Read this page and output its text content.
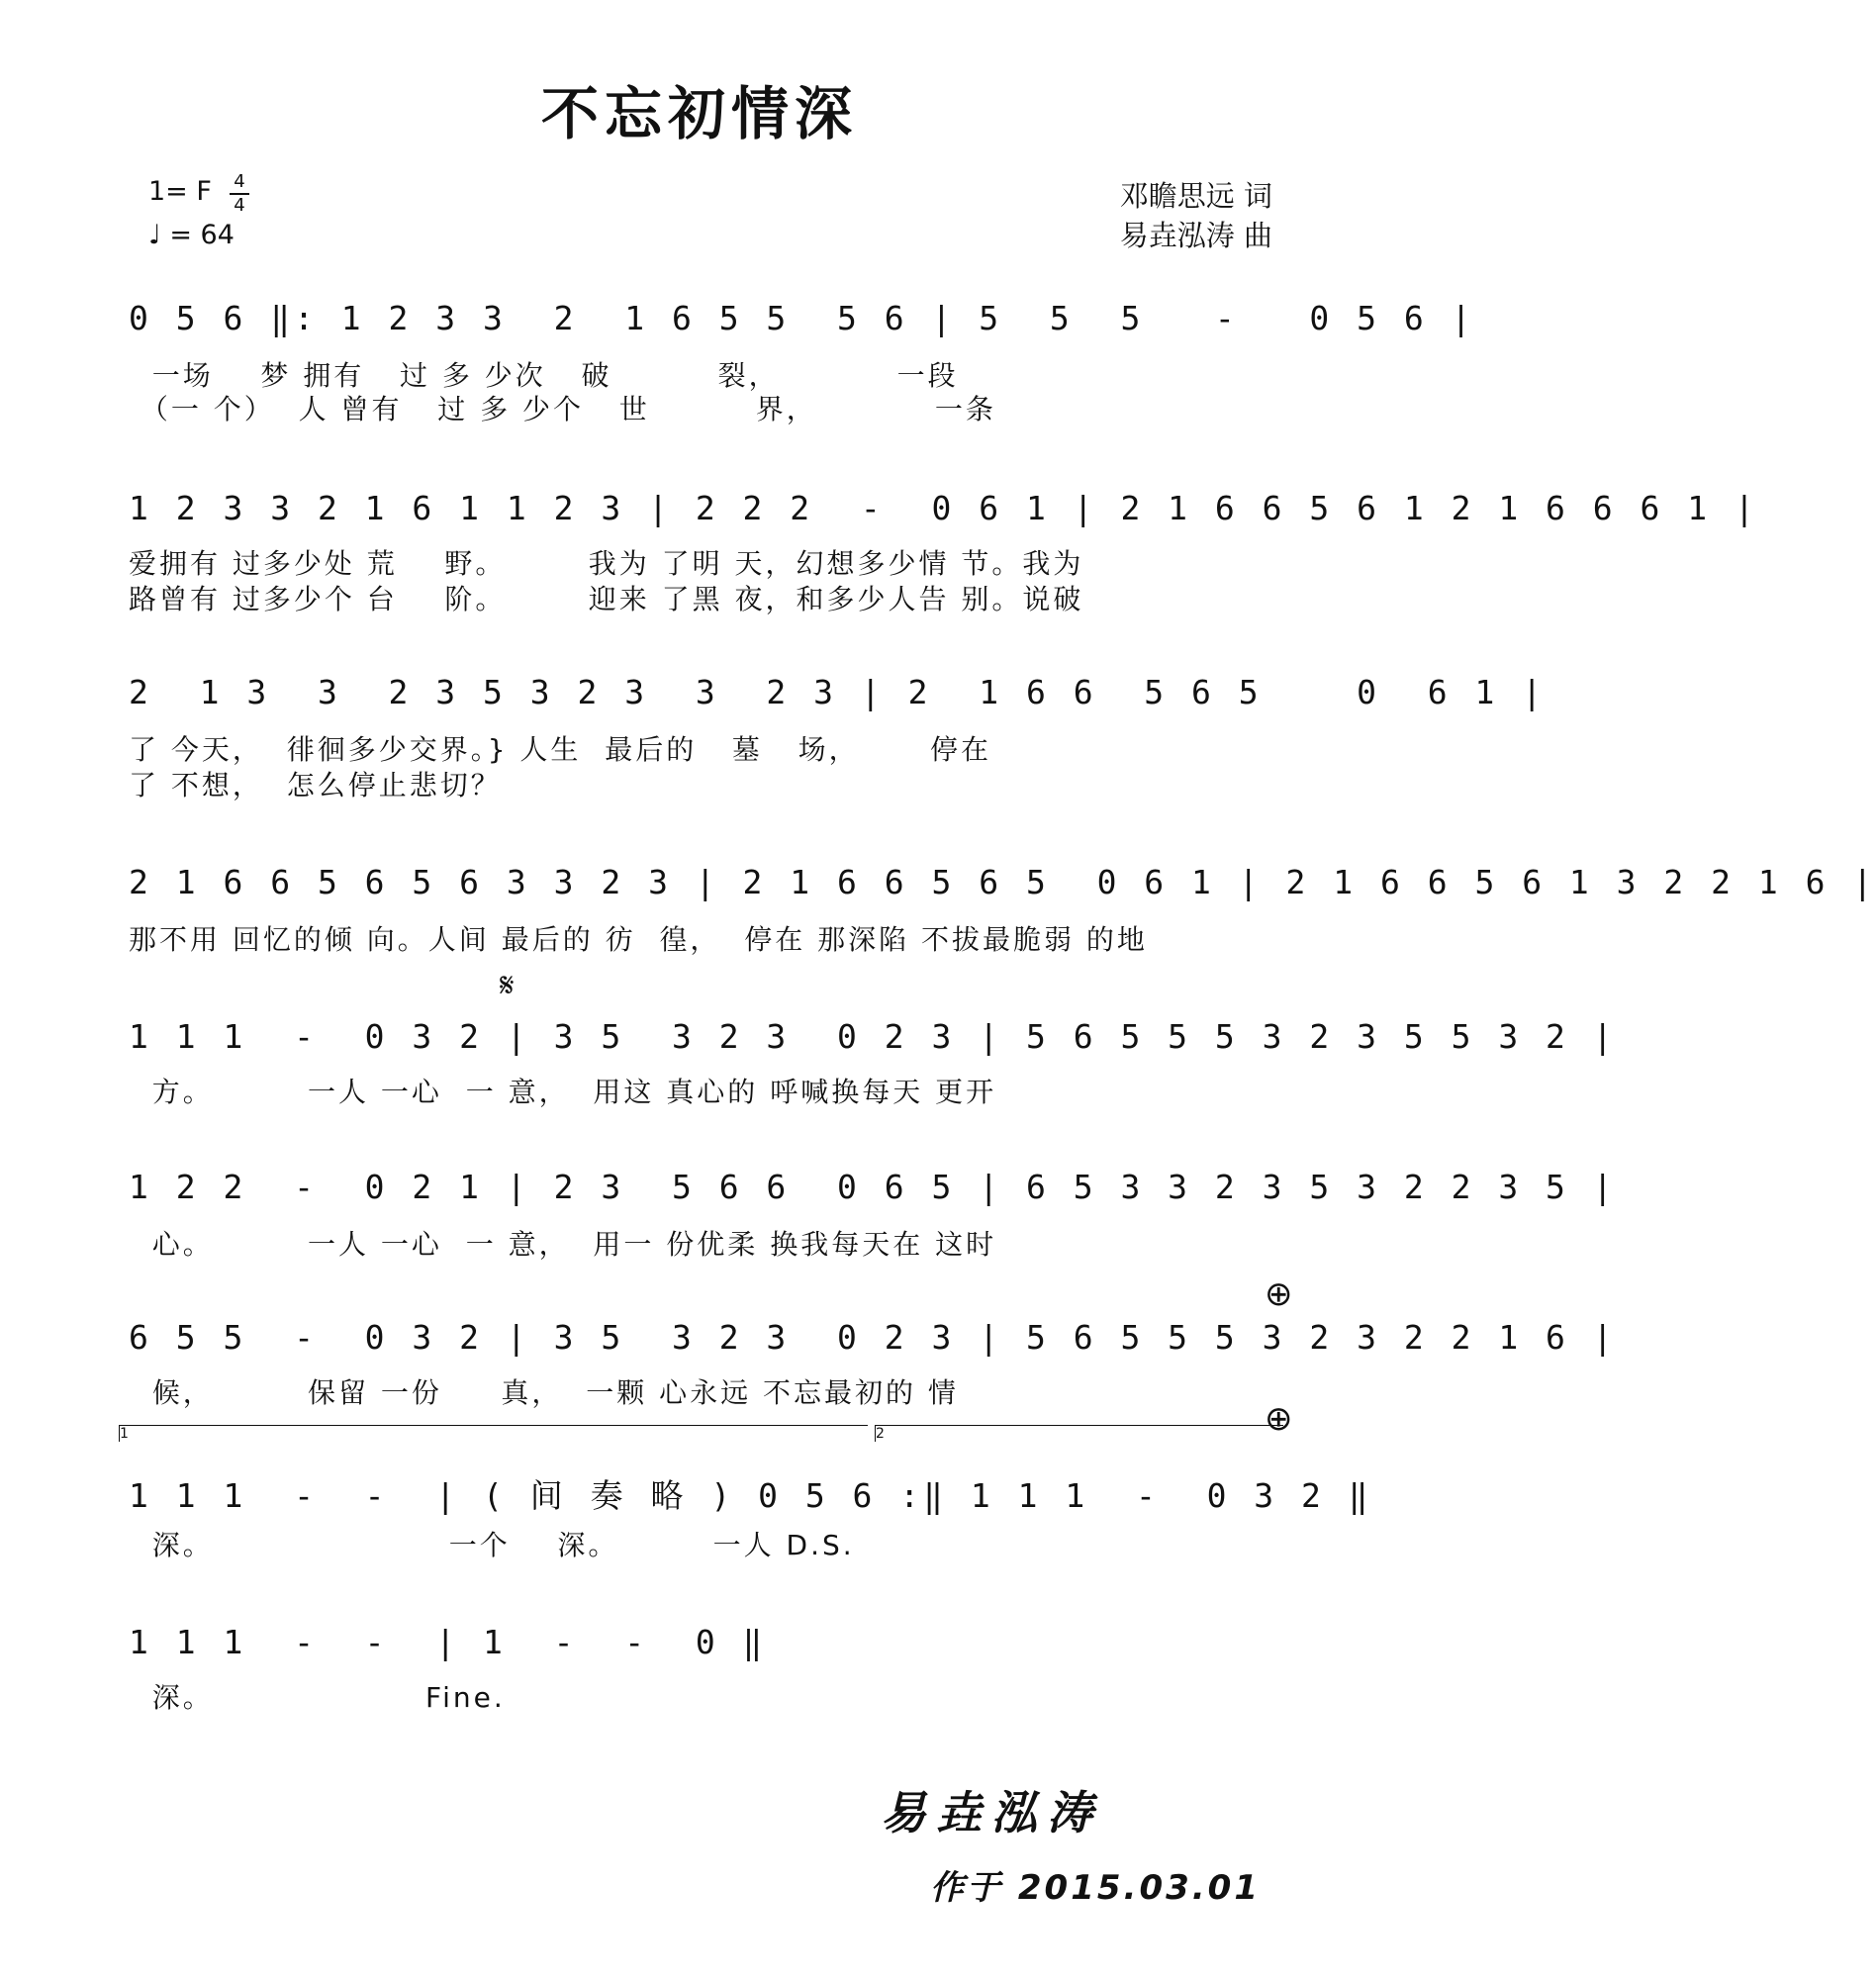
不忘初情深
1= F 4
4
♩ = 64
邓瞻思远 词
易垚泓涛 曲
0 5 6 ‖: 1 2 3 3  2  1 6 5 5  5 6 | 5  5  5   -   0 5 6 |
一场    梦 拥有   过 多 少次   破         裂，          一段
（一 个）  人 曾有   过 多 少个   世         界，          一条
1 2 3 3 2 1 6 1 1 2 3 | 2 2 2  -  0 6 1 | 2 1 6 6 5 6 1 2 1 6 6 6 1 |
爱拥有 过多少处 荒    野。       我为 了明 天，幻想多少情 节。我为
路曾有 过多少个 台    阶。       迎来 了黑 夜，和多少人告 别。说破
2  1 3  3  2 3 5 3 2 3  3  2 3 | 2  1 6 6  5 6 5    0  6 1 |
了 今天，  徘徊多少交界。} 人生  最后的   墓   场，      停在
了 不想，  怎么停止悲切？
2 1 6 6 5 6 5 6 3 3 2 3 | 2 1 6 6 5 6 5  0 6 1 | 2 1 6 6 5 6 1 3 2 2 1 6 |
那不用 回忆的倾 向。人间 最后的 彷  徨，  停在 那深陷 不拔最脆弱 的地
𝄋
1 1 1  -  0 3 2 | 3 5  3 2 3  0 2 3 | 5 6 5 5 5 3 2 3 5 5 3 2 |
方。        一人 一心  一 意，  用这 真心的 呼喊换每天 更开
1 2 2  -  0 2 1 | 2 3  5 6 6  0 6 5 | 6 5 3 3 2 3 5 3 2 2 3 5 |
心。        一人 一心  一 意，  用一 份优柔 换我每天在 这时
⊕
6 5 5  -  0 3 2 | 3 5  3 2 3  0 2 3 | 5 6 5 5 5 3 2 3 2 2 1 6 |
候，        保留 一份     真，  一颗 心永远 不忘最初的 情
⊕
1	2
1 1 1  -  -  | ( 间 奏 略 ) 0 5 6 :‖ 1 1 1  -  0 3 2 ‖
深。                    一个    深。        一人 D.S.
1 1 1  -  -  | 1  -  -  0 ‖
深。                  Fine.
易垚泓涛
作于 2015.03.01
